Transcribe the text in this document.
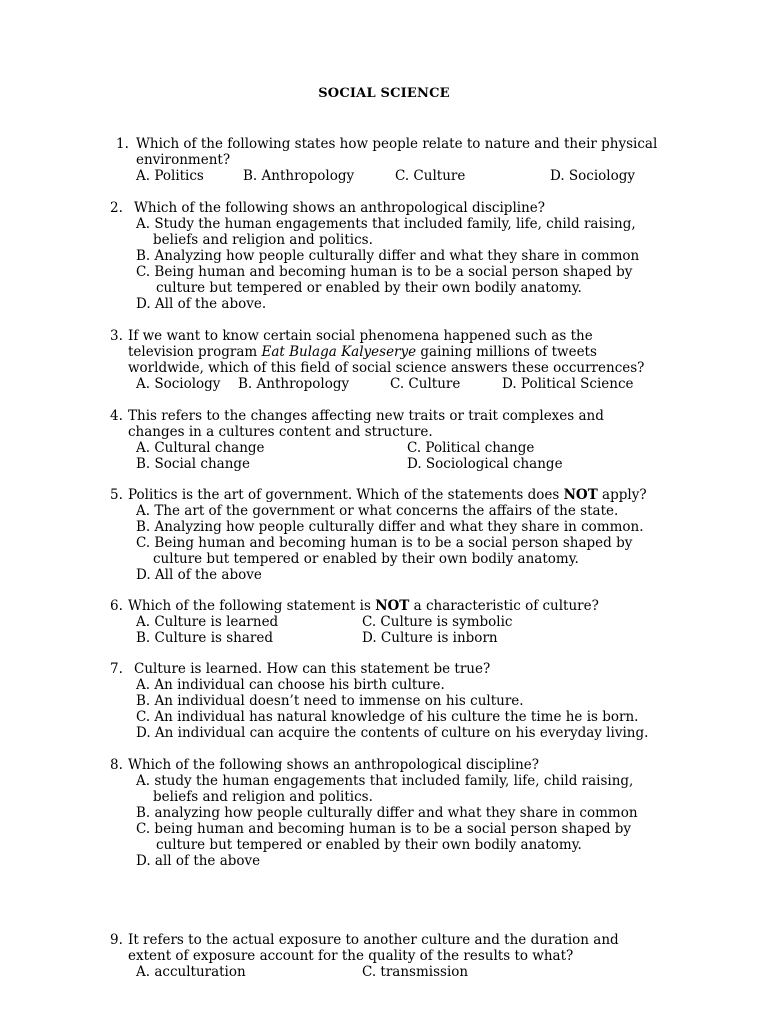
SOCIAL SCIENCE
1. Which of the following states how people relate to nature and their physical
environment?
A. Politics	B. Anthropology	C. Culture	D. Sociology
2. Which of the following shows an anthropological discipline?
A. Study the human engagements that included family, life, child raising,
beliefs and religion and politics.
B. Analyzing how people culturally differ and what they share in common
C. Being human and becoming human is to be a social person shaped by
culture but tempered or enabled by their own bodily anatomy.
D. All of the above.
3. If we want to know certain social phenomena happened such as the
television program Eat Bulaga Kalyeserye gaining millions of tweets
worldwide, which of this field of social science answers these occurrences?
A. Sociology B. Anthropology	C. Culture	D. Political Science
4. This refers to the changes affecting new traits or trait complexes and
changes in a cultures content and structure.
A. Cultural change	C. Political change
B. Social change	D. Sociological change
5. Politics is the art of government. Which of the statements does NOT apply?
A. The art of the government or what concerns the affairs of the state.
B. Analyzing how people culturally differ and what they share in common.
C. Being human and becoming human is to be a social person shaped by
culture but tempered or enabled by their own bodily anatomy.
D. All of the above
6. Which of the following statement is NOT a characteristic of culture?
A. Culture is learned	C. Culture is symbolic
B. Culture is shared	D. Culture is inborn
7. Culture is learned. How can this statement be true?
A. An individual can choose his birth culture.
B. An individual doesn’t need to immense on his culture.
C. An individual has natural knowledge of his culture the time he is born.
D. An individual can acquire the contents of culture on his everyday living.
8. Which of the following shows an anthropological discipline?
A. study the human engagements that included family, life, child raising,
beliefs and religion and politics.
B. analyzing how people culturally differ and what they share in common
C. being human and becoming human is to be a social person shaped by
culture but tempered or enabled by their own bodily anatomy.
D. all of the above
9. It refers to the actual exposure to another culture and the duration and
extent of exposure account for the quality of the results to what?
A. acculturation	C. transmission
